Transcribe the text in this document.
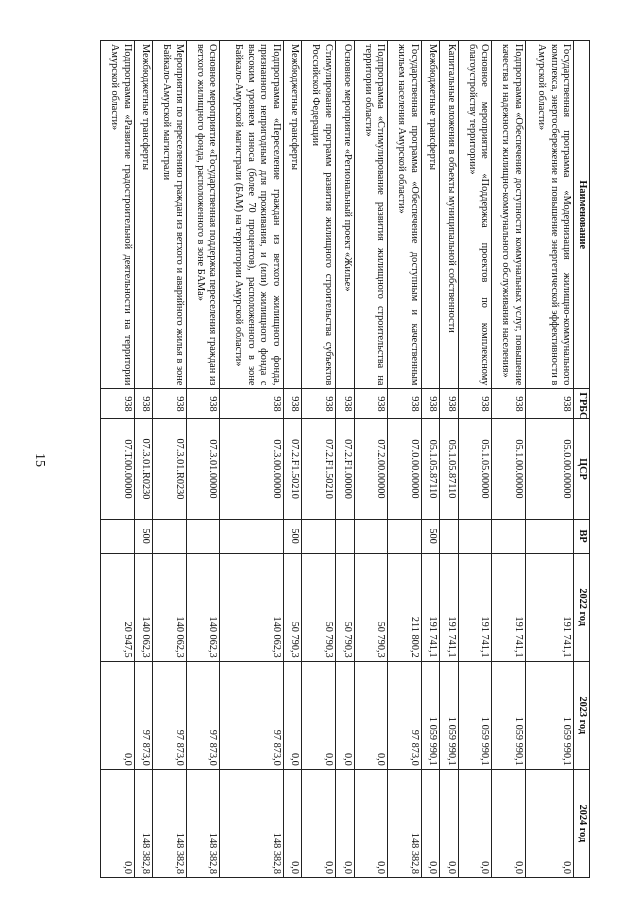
15
Наименование	ГРБС	ЦСР	ВР	2022 год	2023 год	2024 год
Государственная программа «Модернизация жилищно-коммунального комплекса, энергосбережение и повышение энергетической эффективности в Амурской области»	938	05.0.00.00000		191 741,1	1 059 990,1	0,0
Подпрограмма «Обеспечение доступности коммунальных услуг, повышение качества и надежности жилищно-коммунального обслуживания населения»	938	05.1.00.00000		191 741,1	1 059 990,1	0,0
Основное мероприятие «Поддержка проектов по комплексному благоустройству территории»	938	05.1.05.00000		191 741,1	1 059 990,1	0,0
Капитальные вложения в объекты муниципальной собственности	938	05.1.05.87110		191 741,1	1 059 990,1	0,0
Межбюджетные трансферты	938	05.1.05.87110	500	191 741,1	1 059 990,1	0,0
Государственная программа «Обеспечение доступным и качественным жильем населения Амурской области»	938	07.0.00.00000		211 800,2	97 873,0	148 382,8
Подпрограмма «Стимулирование развития жилищного строительства на территории области»	938	07.2.00.00000		50 790,3	0,0	0,0
Основное мероприятие «Региональный проект «Жилье»	938	07.2.F1.00000		50 790,3	0,0	0,0
Стимулирование программ развития жилищного строительства субъектов Российской Федерации	938	07.2.F1.50210		50 790,3	0,0	0,0
Межбюджетные трансферты	938	07.2.F1.50210	500	50 790,3	0,0	0,0
Подпрограмма «Переселение граждан из ветхого жилищного фонда, признанного непригодным для проживания, и (или) жилищного фонда с высоким уровнем износа (более 70 процентов), расположенного в зоне Байкало-Амурской магистрали (БАМ) на территории Амурской области»	938	07.3.00.00000		140 062,3	97 873,0	148 382,8
Основное мероприятие «Государственная поддержка переселения граждан из ветхого жилищного фонда, расположенного в зоне БАМа»	938	07.3.01.00000		140 062,3	97 873,0	148 382,8
Мероприятия по переселению граждан из ветхого и аварийного жилья в зоне Байкало-Амурской магистрали	938	07.3.01.R0230		140 062,3	97 873,0	148 382,8
Межбюджетные трансферты	938	07.3.01.R0230	500	140 062,3	97 873,0	148 382,8
Подпрограмма «Развитие градостроительной деятельности на территории Амурской области»	938	07.Т.00.00000		20 947,5	0,0	0,0
